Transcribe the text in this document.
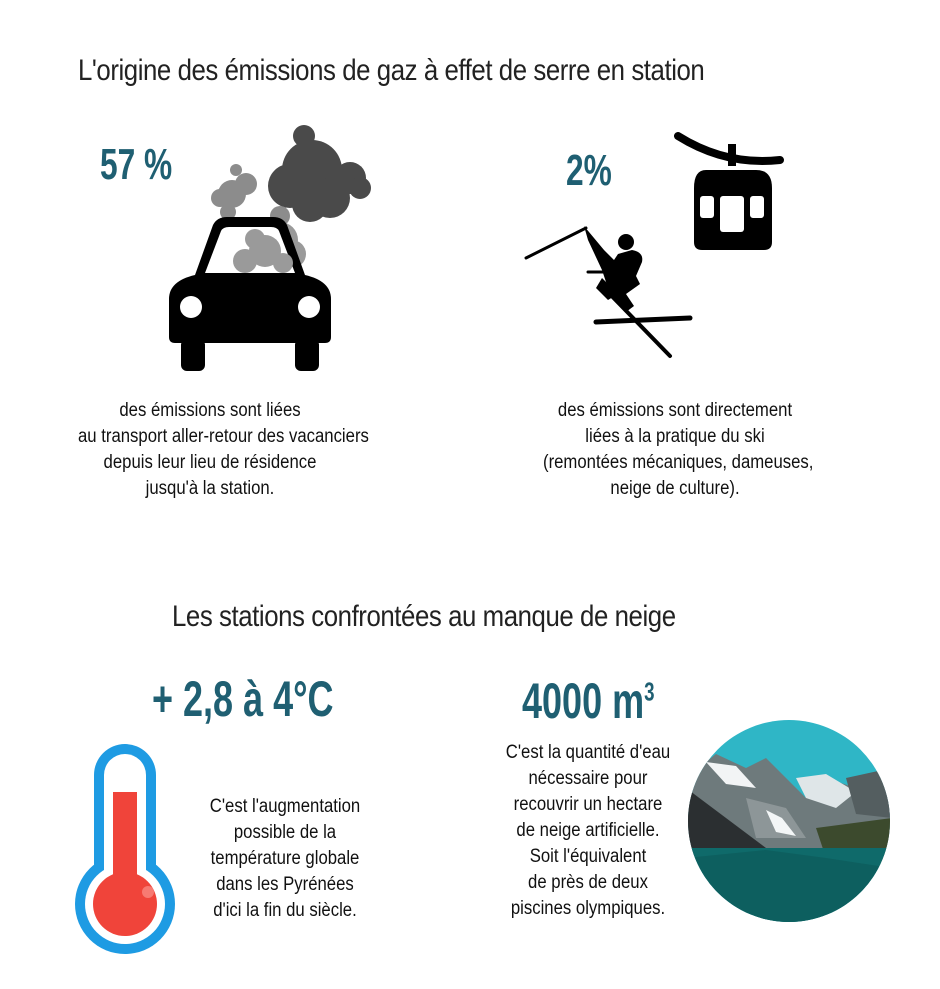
L'origine des émissions de gaz à effet de serre en station
57 %
des émissions sont liées
au transport aller-retour des vacanciers
depuis leur lieu de résidence
jusqu'à la station.
2%
des émissions sont directement
liées à la pratique du ski
(remontées mécaniques, dameuses,
neige de culture).
Les stations confrontées au manque de neige
+ 2,8 à 4°C
C'est l'augmentation
possible de la
température globale
dans les Pyrénées
d'ici la fin du siècle.
4000 $m^3$
C'est la quantité d'eau
nécessaire pour
recouvrir un hectare
de neige artificielle.
Soit l'équivalent
de près de deux
piscines olympiques.
